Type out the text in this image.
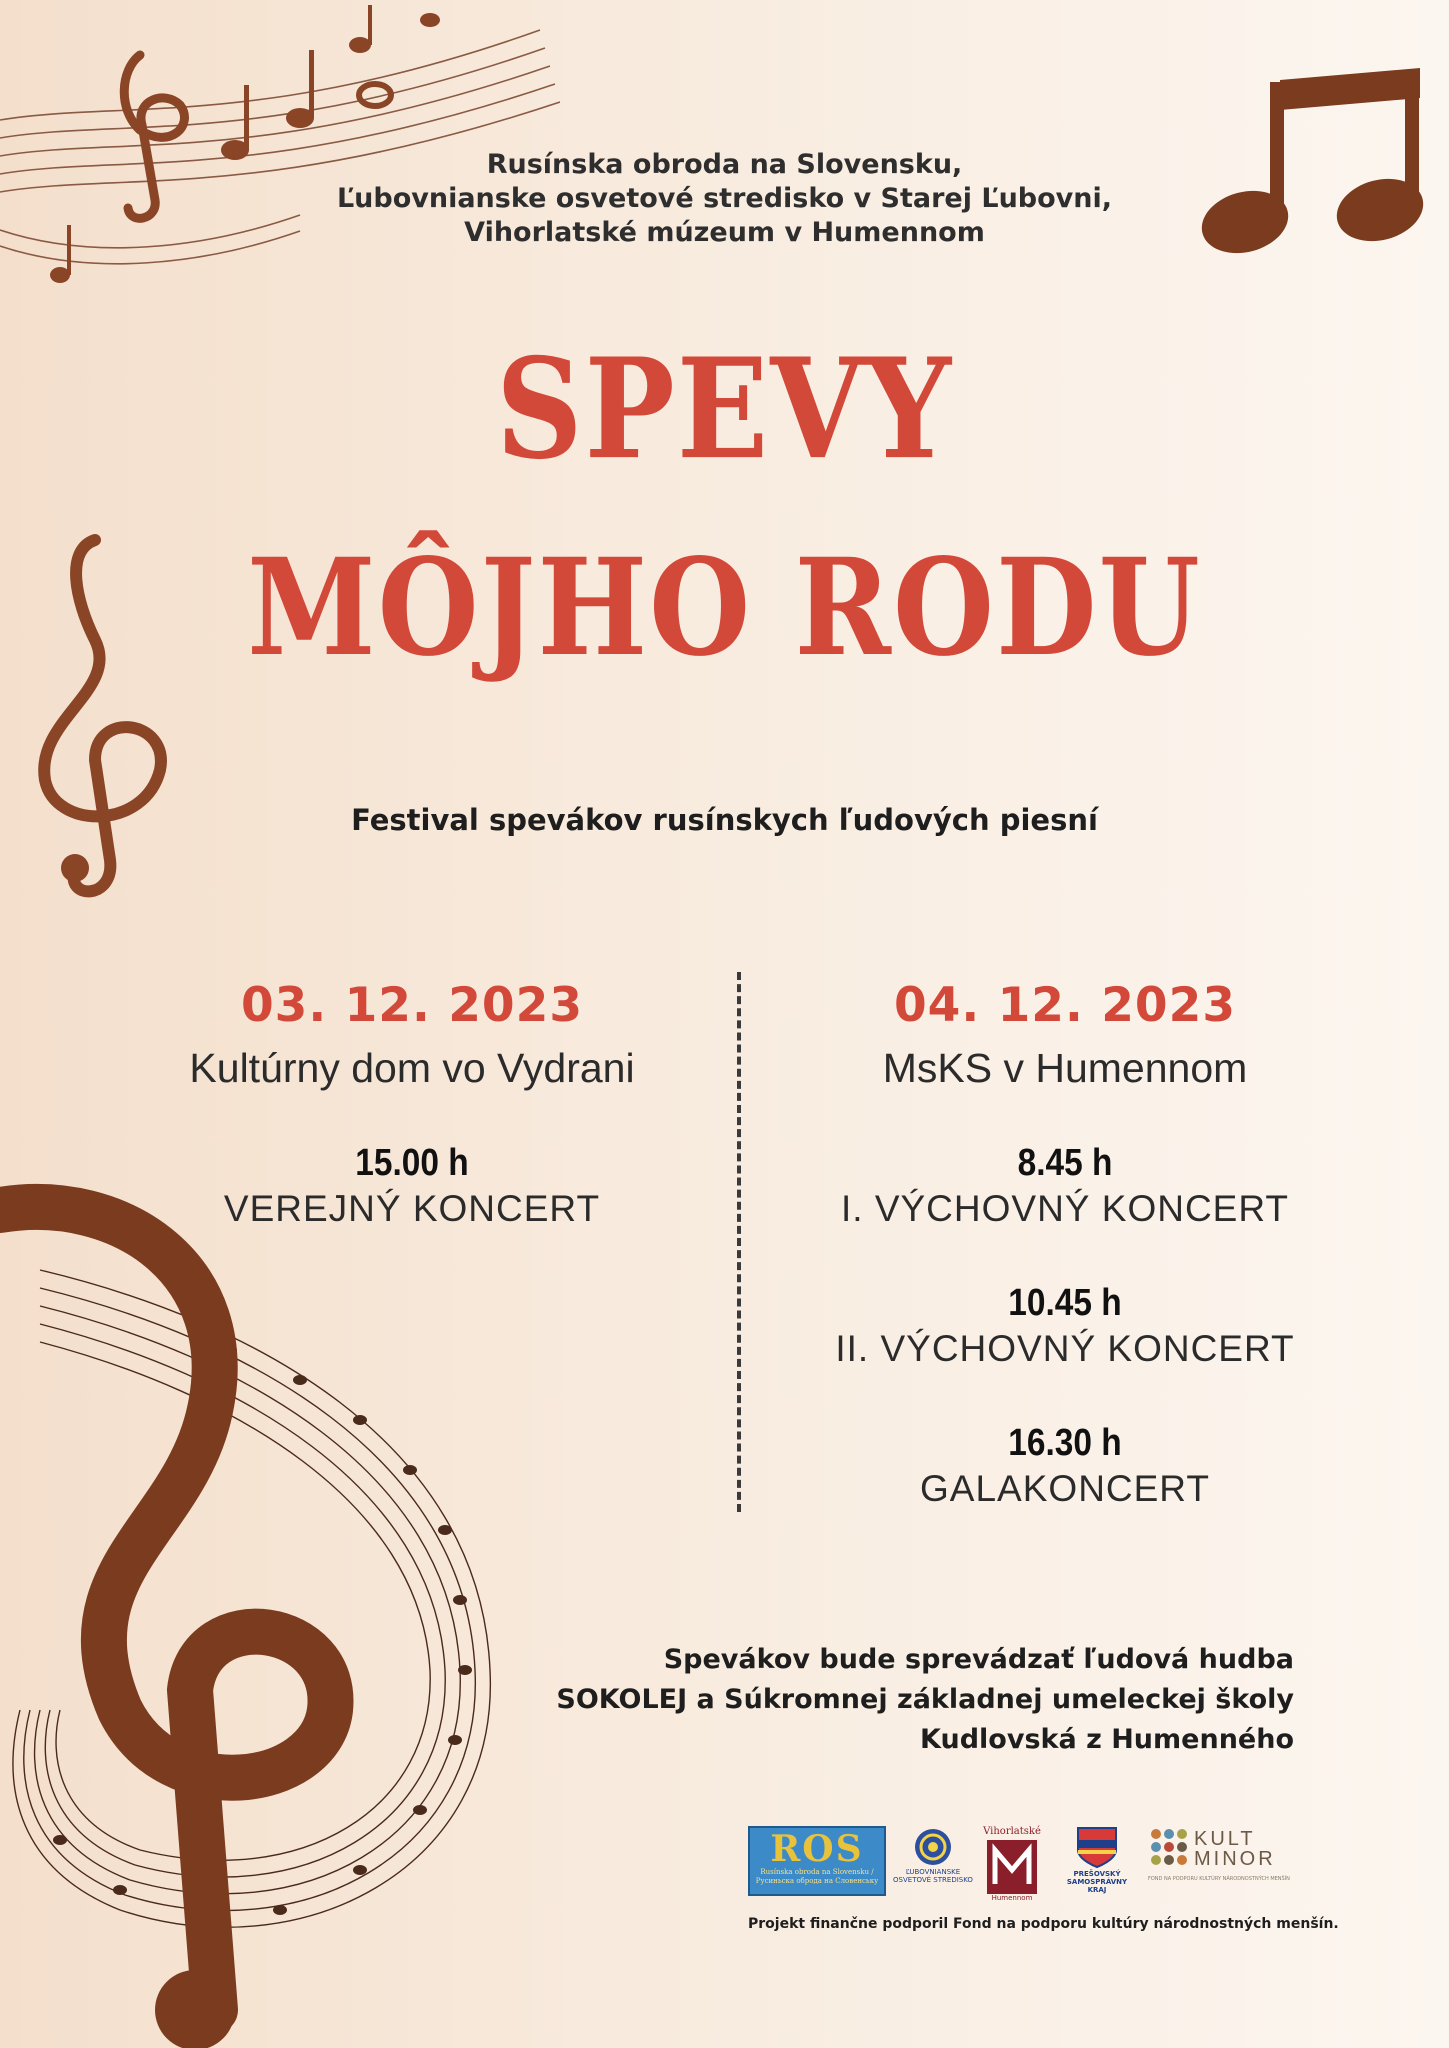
Rusínska obroda na Slovensku,
Ľubovnianske osvetové stredisko v Starej Ľubovni,
Vihorlatské múzeum v Humennom
SPEVY
MÔJHO RODU
Festival spevákov rusínskych ľudových piesní
03. 12. 2023
Kultúrny dom vo Vydrani
15.00 h
VEREJNÝ KONCERT
04. 12. 2023
MsKS v Humennom
8.45 h
I. VÝCHOVNÝ KONCERT
10.45 h
II. VÝCHOVNÝ KONCERT
16.30 h
GALAKONCERT
Spevákov bude sprevádzať ľudová hudba
SOKOLEJ a Súkromnej základnej umeleckej školy
Kudlovská z Humenného
ROS
Rusínska obroda na Slovensku / Русиньска обрoда на Словенську
ĽUBOVNIANSKE OSVETOVÉ STREDISKO
Vihorlatské
múzeum v Humennom
PREŠOVSKÝ SAMOSPRÁVNY KRAJ
KULT
MINOR
FOND NA PODPORU KULTÚRY NÁRODNOSTNÝCH MENŠÍN
Projekt finančne podporil Fond na podporu kultúry národnostných menšín.
